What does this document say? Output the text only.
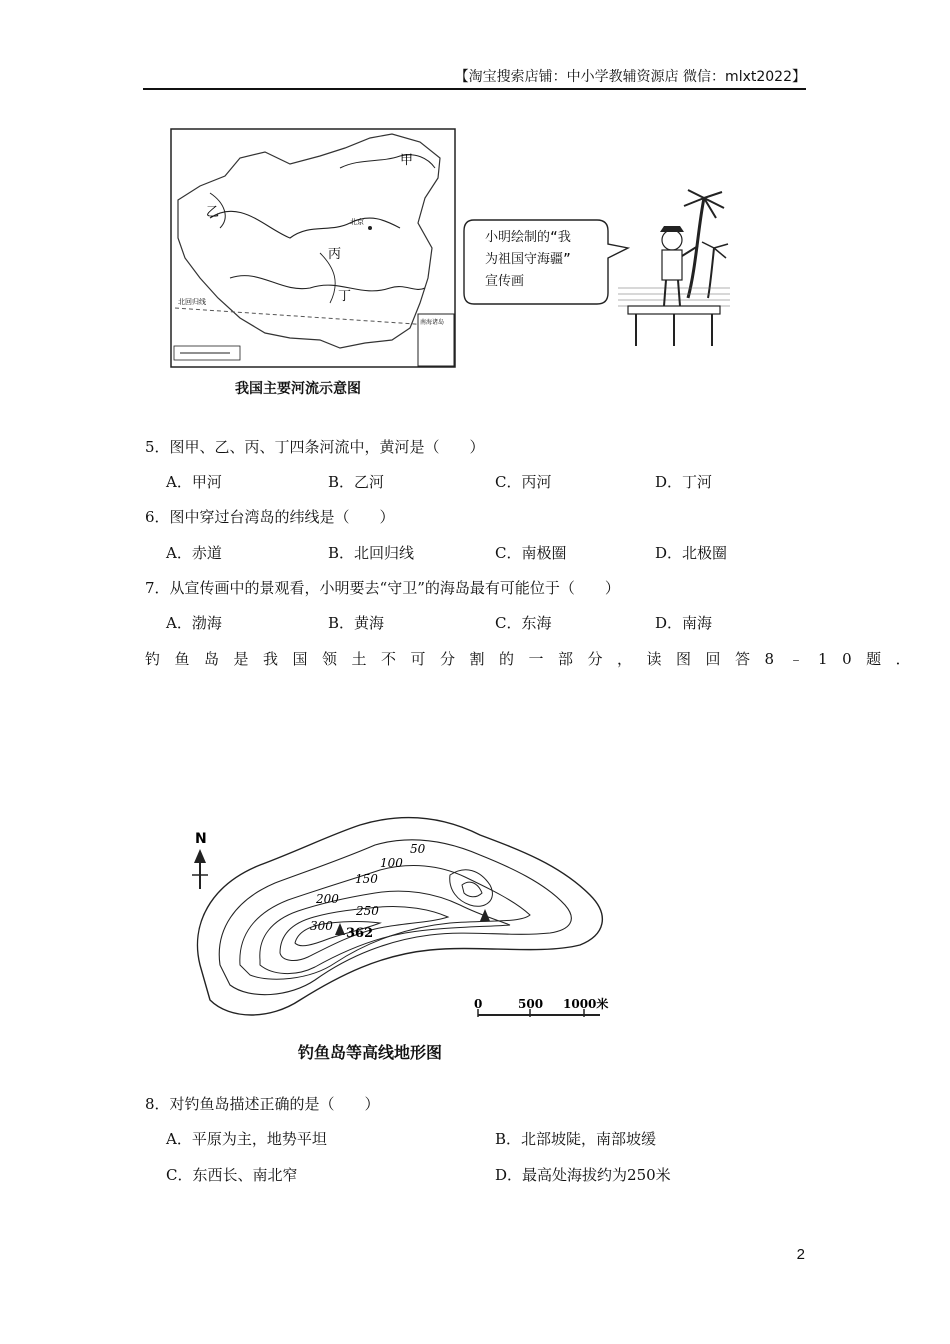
【淘宝搜索店铺：中小学教辅资源店 微信：mlxt2022】
甲
乙
丙
丁
北京
北回归线
南海诸岛
我国主要河流示意图
小明绘制的“我
为祖国守海疆”
宣传画
5．图甲、乙、丙、丁四条河流中，黄河是（　　）
A．甲河	B．乙河	C．丙河	D．丁河
6．图中穿过台湾岛的纬线是（　　）
A．赤道	B．北回归线	C．南极圈	D．北极圈
7．从宣传画中的景观看，小明要去“守卫”的海岛最有可能位于（　　）
A．渤海	B．黄海	C．东海	D．南海
钓鱼岛是我国领土不可分割的一部分，读图回答8﹣10题．
N
50
100
150
200
250
300 362
0	500 1000米
钓鱼岛等高线地形图
8．对钓鱼岛描述正确的是（　　）
A．平原为主，地势平坦	B．北部坡陡，南部坡缓
C．东西长、南北窄	D．最高处海拔约为250米
2
